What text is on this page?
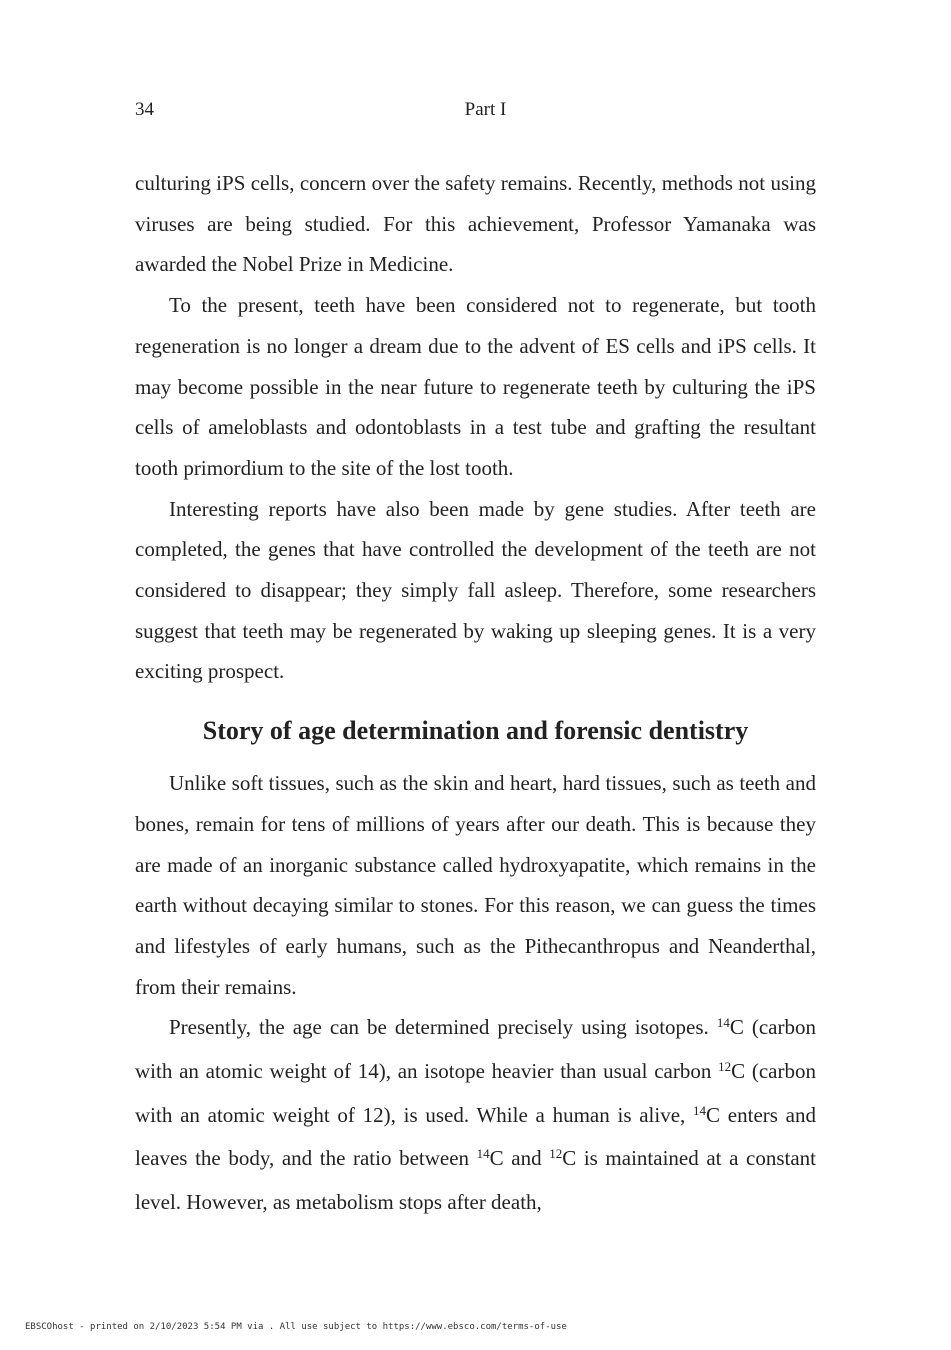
34	Part I

culturing iPS cells, concern over the safety remains. Recently, methods not using viruses are being studied. For this achievement, Professor Yamanaka was awarded the Nobel Prize in Medicine.

To the present, teeth have been considered not to regenerate, but tooth regeneration is no longer a dream due to the advent of ES cells and iPS cells. It may become possible in the near future to regenerate teeth by culturing the iPS cells of ameloblasts and odontoblasts in a test tube and grafting the resultant tooth primordium to the site of the lost tooth.

Interesting reports have also been made by gene studies. After teeth are completed, the genes that have controlled the development of the teeth are not considered to disappear; they simply fall asleep. Therefore, some researchers suggest that teeth may be regenerated by waking up sleeping genes. It is a very exciting prospect.

Story of age determination and forensic dentistry

Unlike soft tissues, such as the skin and heart, hard tissues, such as teeth and bones, remain for tens of millions of years after our death. This is because they are made of an inorganic substance called hydroxyapatite, which remains in the earth without decaying similar to stones. For this reason, we can guess the times and lifestyles of early humans, such as the Pithecanthropus and Neanderthal, from their remains.

Presently, the age can be determined precisely using isotopes. $^{14}$C (carbon with an atomic weight of 14), an isotope heavier than usual carbon $^{12}$C (carbon with an atomic weight of 12), is used. While a human is alive, $^{14}$C enters and leaves the body, and the ratio between $^{14}$C and $^{12}$C is maintained at a constant level. However, as metabolism stops after death,

EBSCOhost - printed on 2/10/2023 5:54 PM via . All use subject to https://www.ebsco.com/terms-of-use
